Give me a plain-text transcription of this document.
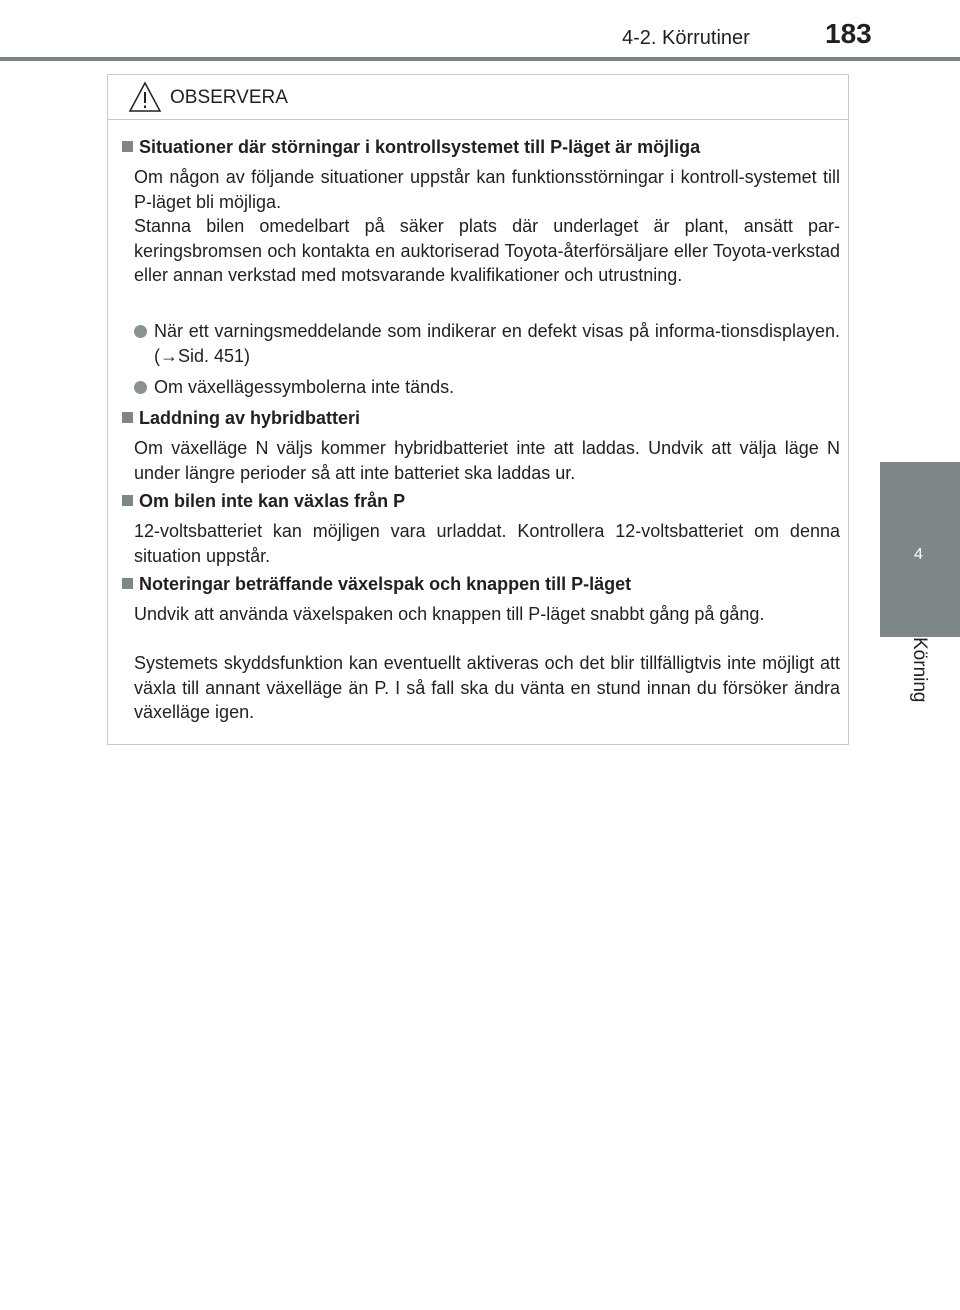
4-2. Körrutiner	183
4
Körning
OBSERVERA
Situationer där störningar i kontrollsystemet till P-läget är möjliga
Om någon av följande situationer uppstår kan funktionsstörningar i kontroll-systemet till P-läget bli möjliga.
Stanna bilen omedelbart på säker plats där underlaget är plant, ansätt par-keringsbromsen och kontakta en auktoriserad Toyota-återförsäljare eller Toyota-verkstad eller annan verkstad med motsvarande kvalifikationer och utrustning.
När ett varningsmeddelande som indikerar en defekt visas på informa-tionsdisplayen. (→Sid. 451)
Om växellägessymbolerna inte tänds.
Laddning av hybridbatteri
Om växelläge N väljs kommer hybridbatteriet inte att laddas. Undvik att välja läge N under längre perioder så att inte batteriet ska laddas ur.
Om bilen inte kan växlas från P
12-voltsbatteriet kan möjligen vara urladdat. Kontrollera 12-voltsbatteriet om denna situation uppstår.
Noteringar beträffande växelspak och knappen till P-läget
Undvik att använda växelspaken och knappen till P-läget snabbt gång på gång.
Systemets skyddsfunktion kan eventuellt aktiveras och det blir tillfälligtvis inte möjligt att växla till annant växelläge än P. I så fall ska du vänta en stund innan du försöker ändra växelläge igen.
